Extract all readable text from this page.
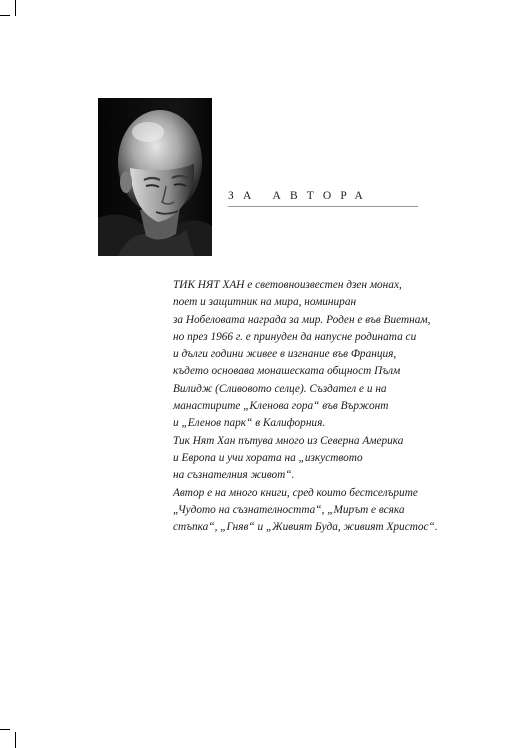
ЗА АВТОРА
ТИК НЯТ ХАН е световноизвестен дзен монах,
поет и защитник на мира, номиниран
за Нобеловата награда за мир. Роден е във Виетнам,
но през 1966 г. е принуден да напусне родината си
и дълги години живее в изгнание във Франция,
където основава монашеската общност Пълм
Вилидж (Сливовото селце). Създател е и на
манастирите „Кленова гора“ във Вържонт
и „Еленов парк“ в Калифорния.
Тик Нят Хан пътува много из Северна Америка
и Европа и учи хората на „изкуството
на съзнателния живот“.
Автор е на много книги, сред които бестселърите
„Чудото на съзнателността“, „Мирът е всяка
стъпка“, „Гняв“ и „Живият Буда, живият Христос“.
